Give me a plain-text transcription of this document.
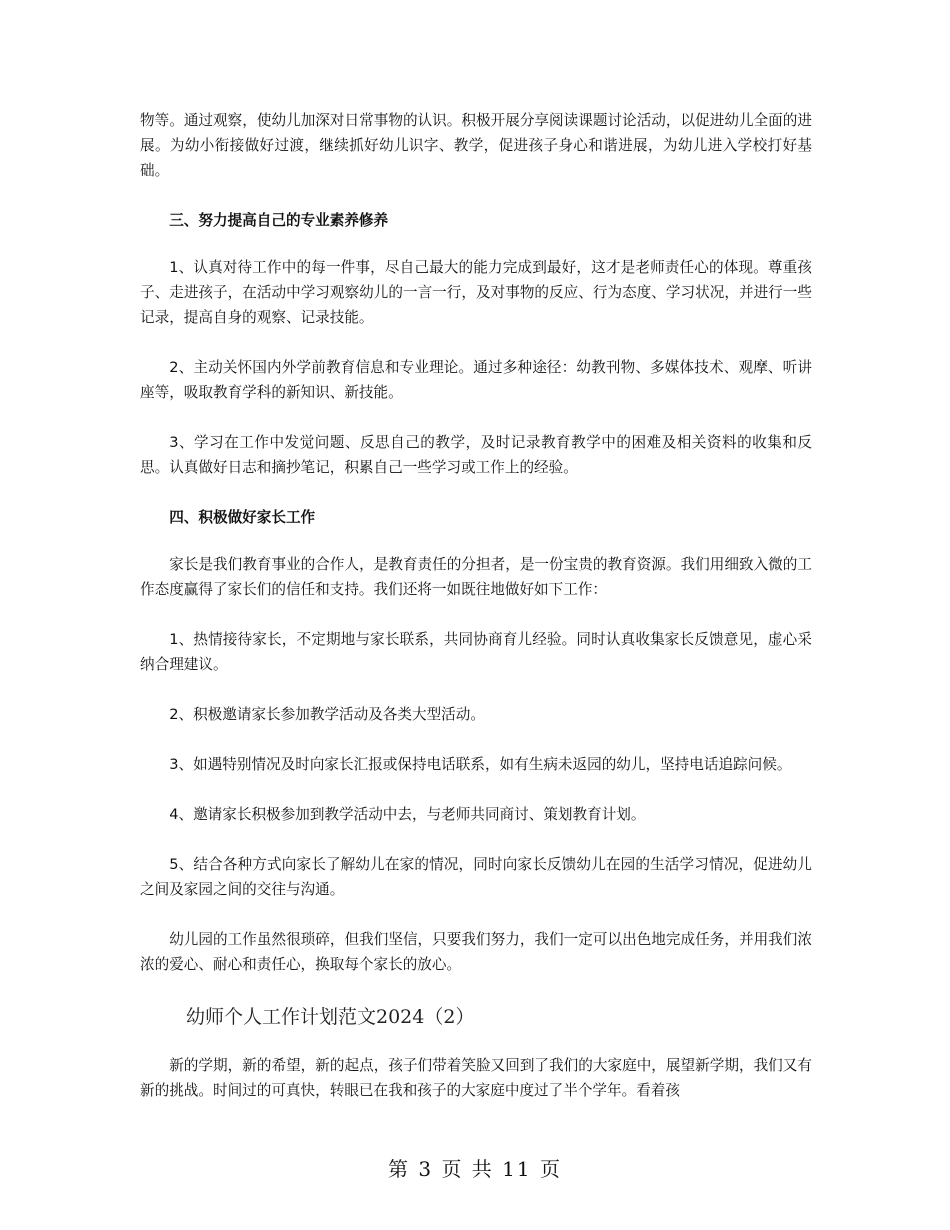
物等。通过观察，使幼儿加深对日常事物的认识。积极开展分享阅读课题讨论活动，以促进幼儿全面的进展。为幼小衔接做好过渡，继续抓好幼儿识字、教学，促进孩子身心和谐进展，为幼儿进入学校打好基础。

三、努力提高自己的专业素养修养

1、认真对待工作中的每一件事，尽自己最大的能力完成到最好，这才是老师责任心的体现。尊重孩子、走进孩子，在活动中学习观察幼儿的一言一行，及对事物的反应、行为态度、学习状况，并进行一些记录，提高自身的观察、记录技能。

2、主动关怀国内外学前教育信息和专业理论。通过多种途径：幼教刊物、多媒体技术、观摩、听讲座等，吸取教育学科的新知识、新技能。

3、学习在工作中发觉问题、反思自己的教学，及时记录教育教学中的困难及相关资料的收集和反思。认真做好日志和摘抄笔记，积累自己一些学习或工作上的经验。

四、积极做好家长工作

家长是我们教育事业的合作人，是教育责任的分担者，是一份宝贵的教育资源。我们用细致入微的工作态度赢得了家长们的信任和支持。我们还将一如既往地做好如下工作：

1、热情接待家长，不定期地与家长联系，共同协商育儿经验。同时认真收集家长反馈意见，虚心采纳合理建议。

2、积极邀请家长参加教学活动及各类大型活动。

3、如遇特别情况及时向家长汇报或保持电话联系，如有生病未返园的幼儿，坚持电话追踪问候。

4、邀请家长积极参加到教学活动中去，与老师共同商讨、策划教育计划。

5、结合各种方式向家长了解幼儿在家的情况，同时向家长反馈幼儿在园的生活学习情况，促进幼儿之间及家园之间的交往与沟通。

幼儿园的工作虽然很琐碎，但我们坚信，只要我们努力，我们一定可以出色地完成任务，并用我们浓浓的爱心、耐心和责任心，换取每个家长的放心。

幼师个人工作计划范文2024（2）

新的学期，新的希望，新的起点，孩子们带着笑脸又回到了我们的大家庭中，展望新学期，我们又有新的挑战。时间过的可真快，转眼已在我和孩子的大家庭中度过了半个学年。看着孩

第 3 页 共 11 页
